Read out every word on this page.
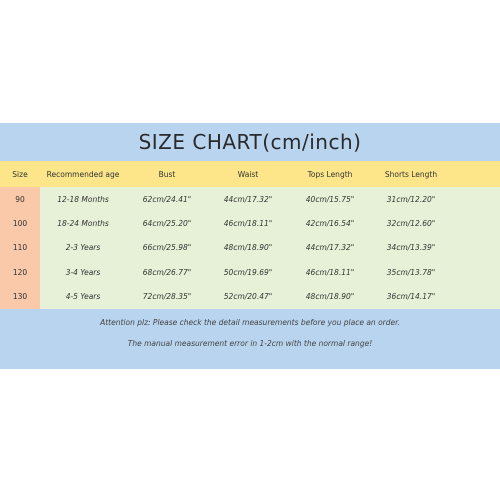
SIZE CHART(cm/inch)
Size	Recommended age	Bust	Waist	Tops Length	Shorts Length
90	12-18 Months	62cm/24.41"	44cm/17.32"	40cm/15.75"	31cm/12.20"
100	18-24 Months	64cm/25.20"	46cm/18.11"	42cm/16.54"	32cm/12.60"
110	2-3 Years	66cm/25.98"	48cm/18.90"	44cm/17.32"	34cm/13.39"
120	3-4 Years	68cm/26.77"	50cm/19.69"	46cm/18.11"	35cm/13.78"
130	4-5 Years	72cm/28.35"	52cm/20.47"	48cm/18.90"	36cm/14.17"
Attention plz: Please check the detail measurements before you place an order.
The manual measurement error in 1-2cm with the normal range!
